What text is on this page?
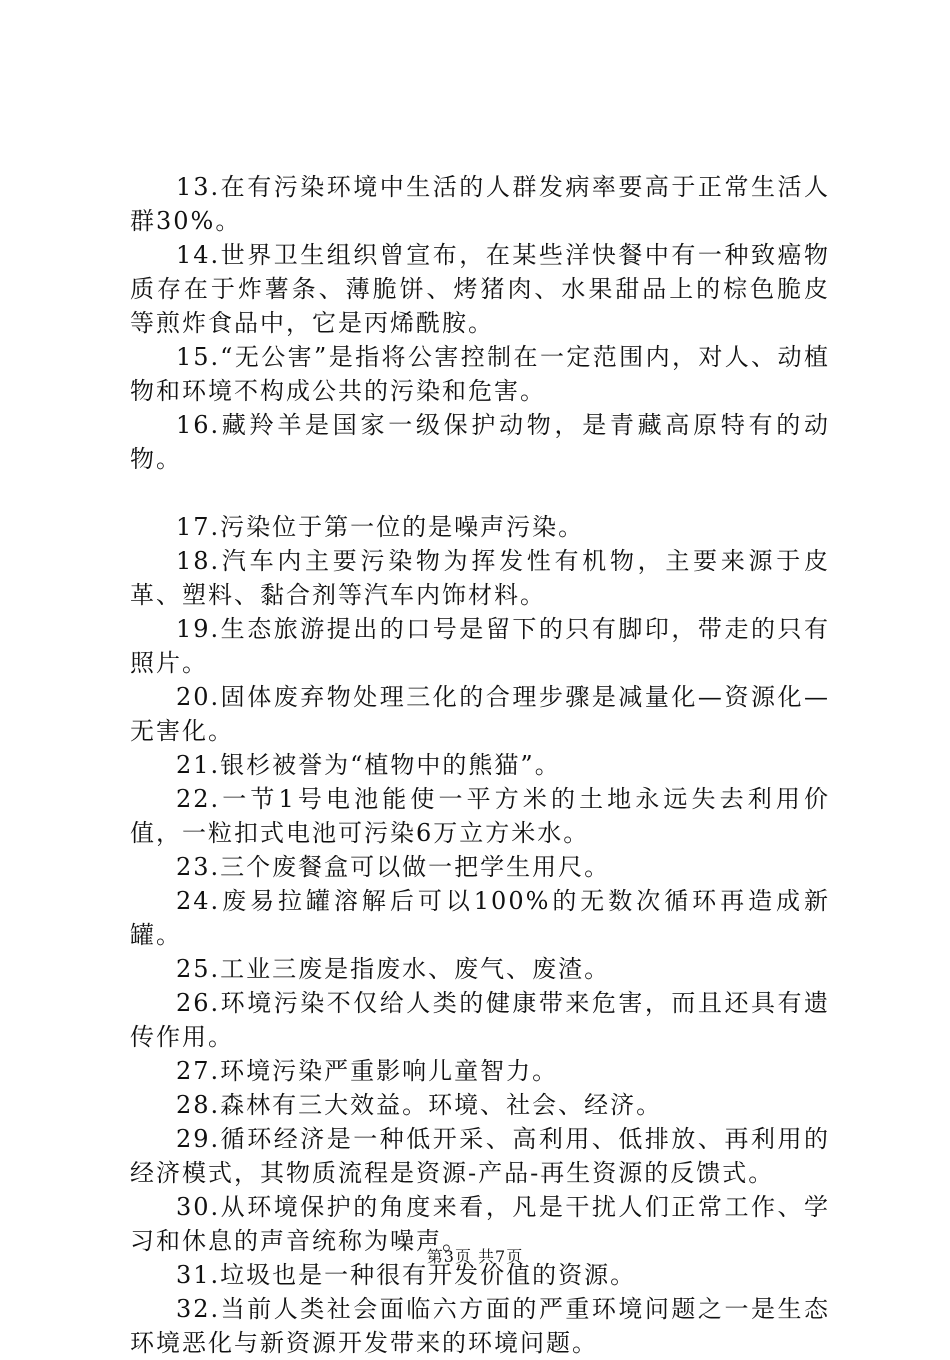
13.在有污染环境中生活的人群发病率要高于正常生活人群30%。

14.世界卫生组织曾宣布，在某些洋快餐中有一种致癌物质存在于炸薯条、薄脆饼、烤猪肉、水果甜品上的棕色脆皮等煎炸食品中，它是丙烯酰胺。

15.“无公害”是指将公害控制在一定范围内，对人、动植物和环境不构成公共的污染和危害。

16.藏羚羊是国家一级保护动物，是青藏高原特有的动物。

17.污染位于第一位的是噪声污染。

18.汽车内主要污染物为挥发性有机物，主要来源于皮革、塑料、黏合剂等汽车内饰材料。

19.生态旅游提出的口号是留下的只有脚印，带走的只有照片。

20.固体废弃物处理三化的合理步骤是减量化—资源化—无害化。

21.银杉被誉为“植物中的熊猫”。

22.一节1号电池能使一平方米的土地永远失去利用价值，一粒扣式电池可污染6万立方米水。

23.三个废餐盒可以做一把学生用尺。

24.废易拉罐溶解后可以100%的无数次循环再造成新罐。

25.工业三废是指废水、废气、废渣。

26.环境污染不仅给人类的健康带来危害，而且还具有遗传作用。

27.环境污染严重影响儿童智力。

28.森林有三大效益。环境、社会、经济。

29.循环经济是一种低开采、高利用、低排放、再利用的经济模式，其物质流程是资源-产品-再生资源的反馈式。

30.从环境保护的角度来看，凡是干扰人们正常工作、学习和休息的声音统称为噪声。

31.垃圾也是一种很有开发价值的资源。

32.当前人类社会面临六方面的严重环境问题之一是生态环境恶化与新资源开发带来的环境问题。

第3页 共7页
